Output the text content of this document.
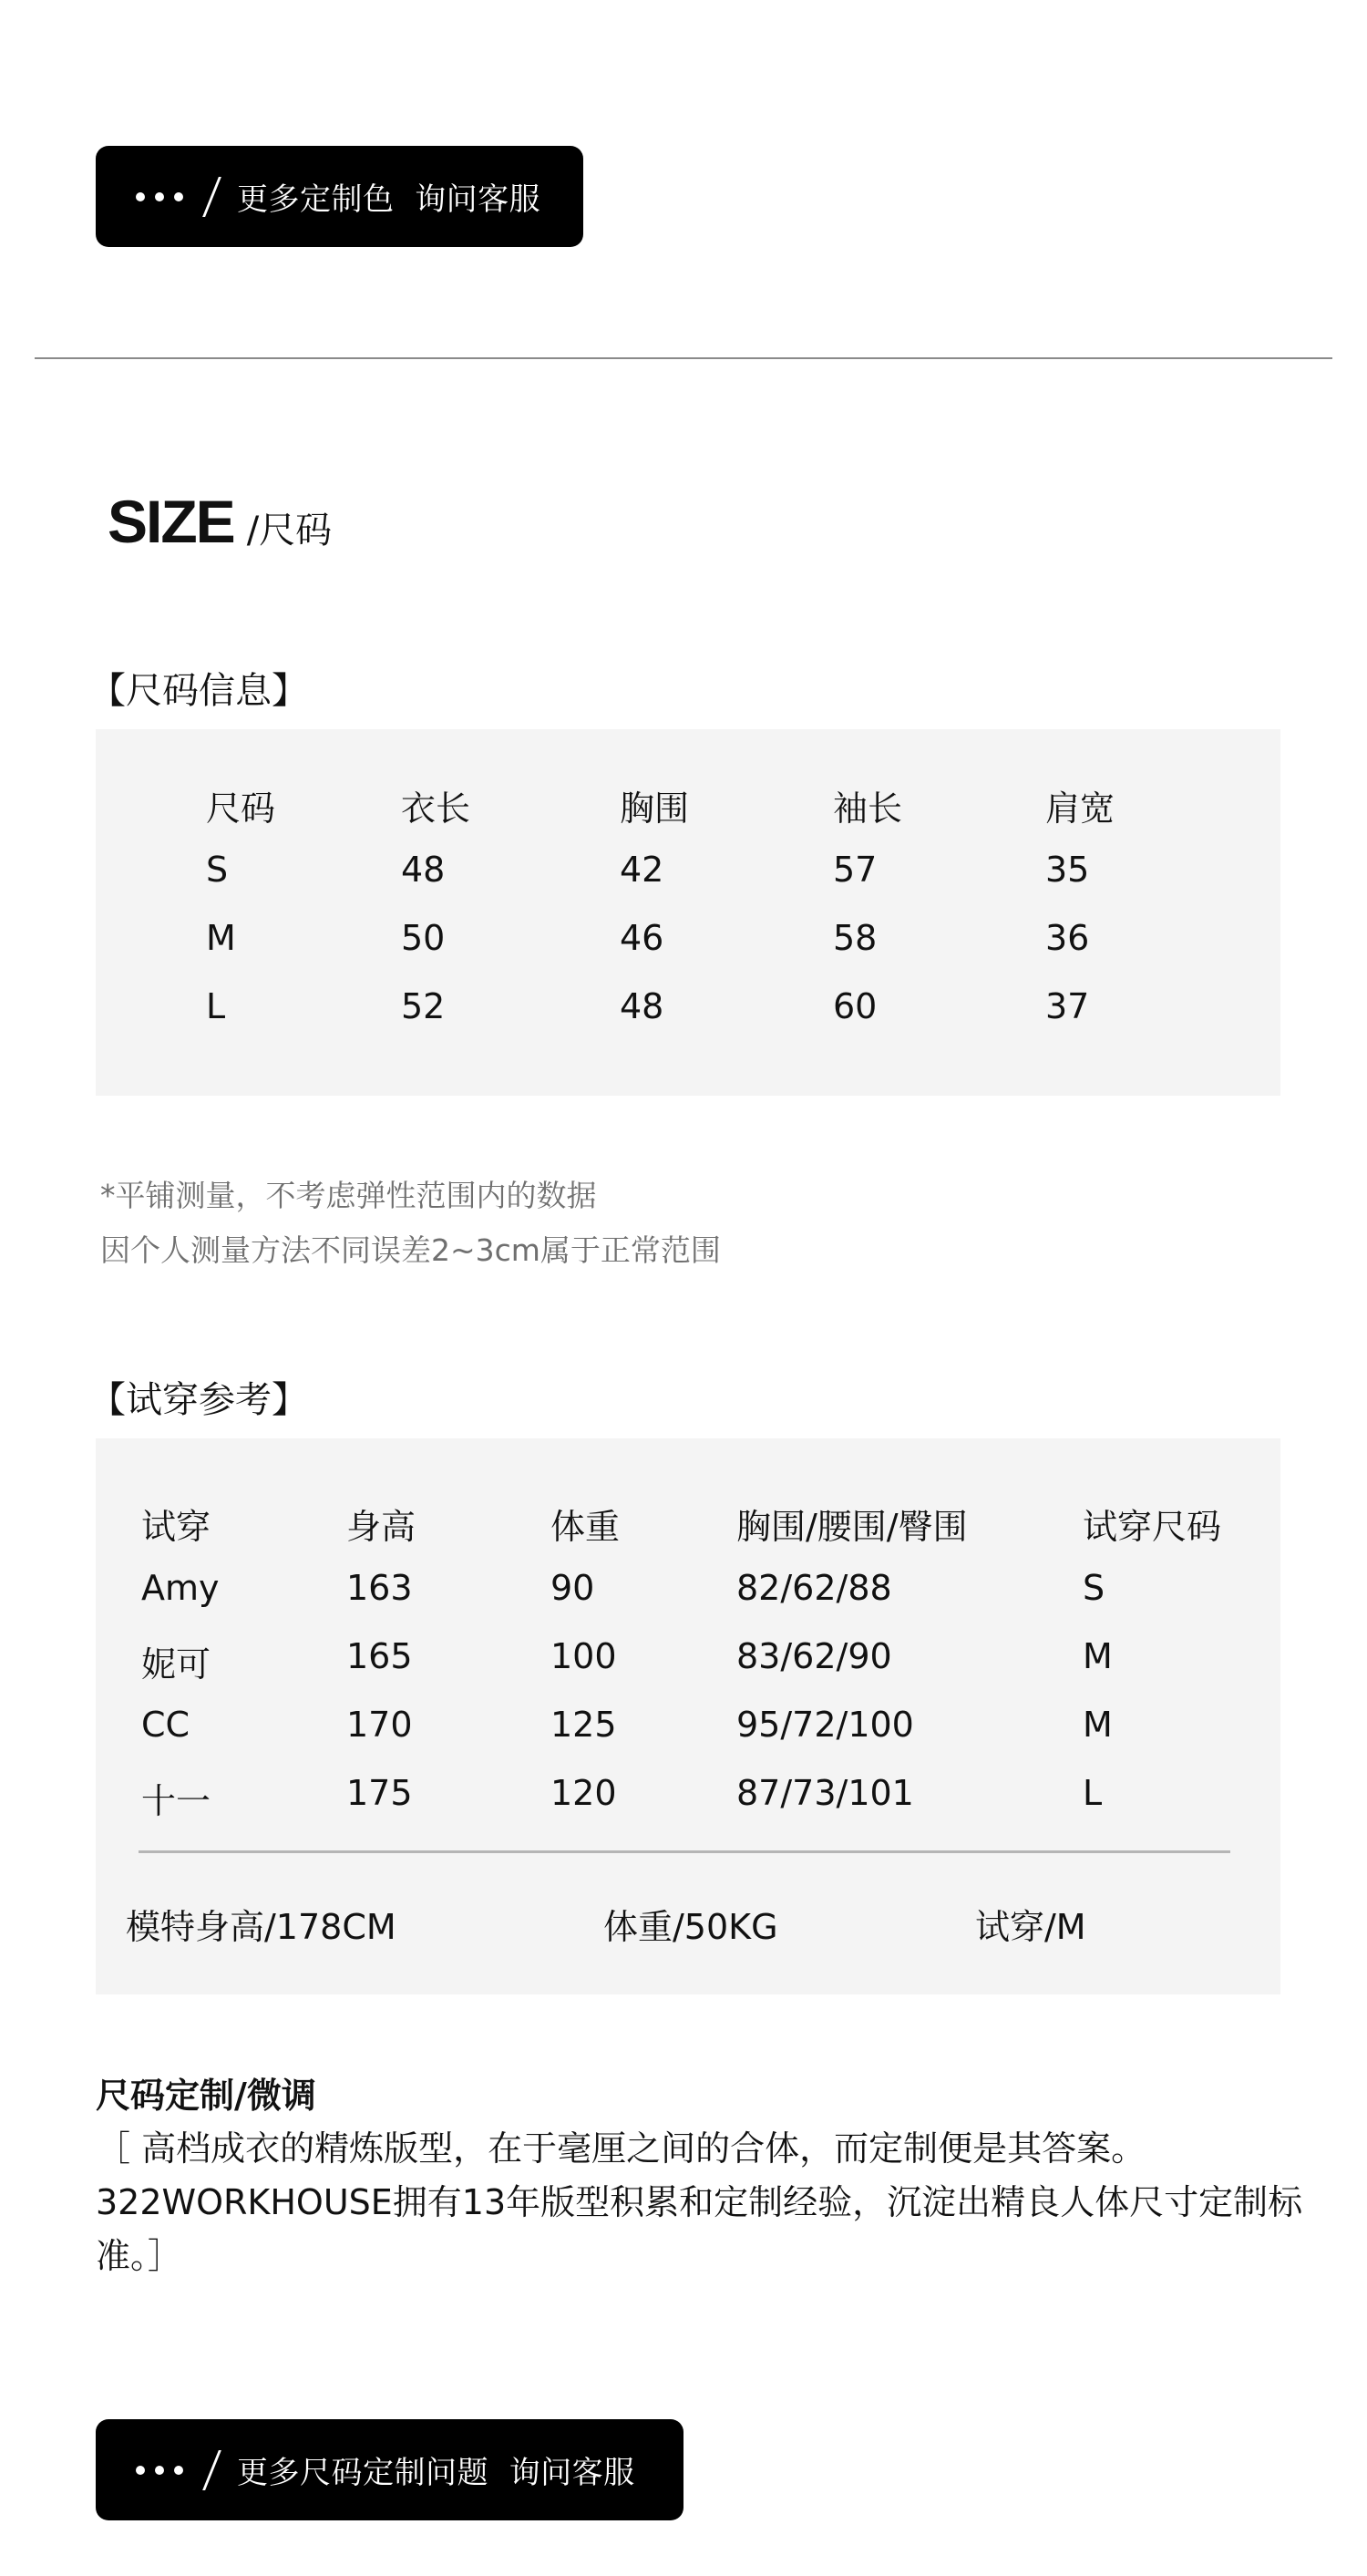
更多定制色  询问客服
SIZE /尺码
【尺码信息】
尺码	衣长	胸围	袖长	肩宽
S	48	42	57	35
M	50	46	58	36
L	52	48	60	37
*平铺测量，不考虑弹性范围内的数据
因个人测量方法不同误差2~3cm属于正常范围
【试穿参考】
试穿	身高	体重	胸围/腰围/臀围	试穿尺码
Amy	163	90	82/62/88	S
妮可	165	100	83/62/90	M
CC	170	125	95/72/100	M
十一	175	120	87/73/101	L
模特身高/178CM	体重/50KG	试穿/M
尺码定制/微调
［ 高档成衣的精炼版型，在于毫厘之间的合体，而定制便是其答案。
322WORKHOUSE拥有13年版型积累和定制经验，沉淀出精良人体尺寸定制标
准。］
更多尺码定制问题  询问客服
